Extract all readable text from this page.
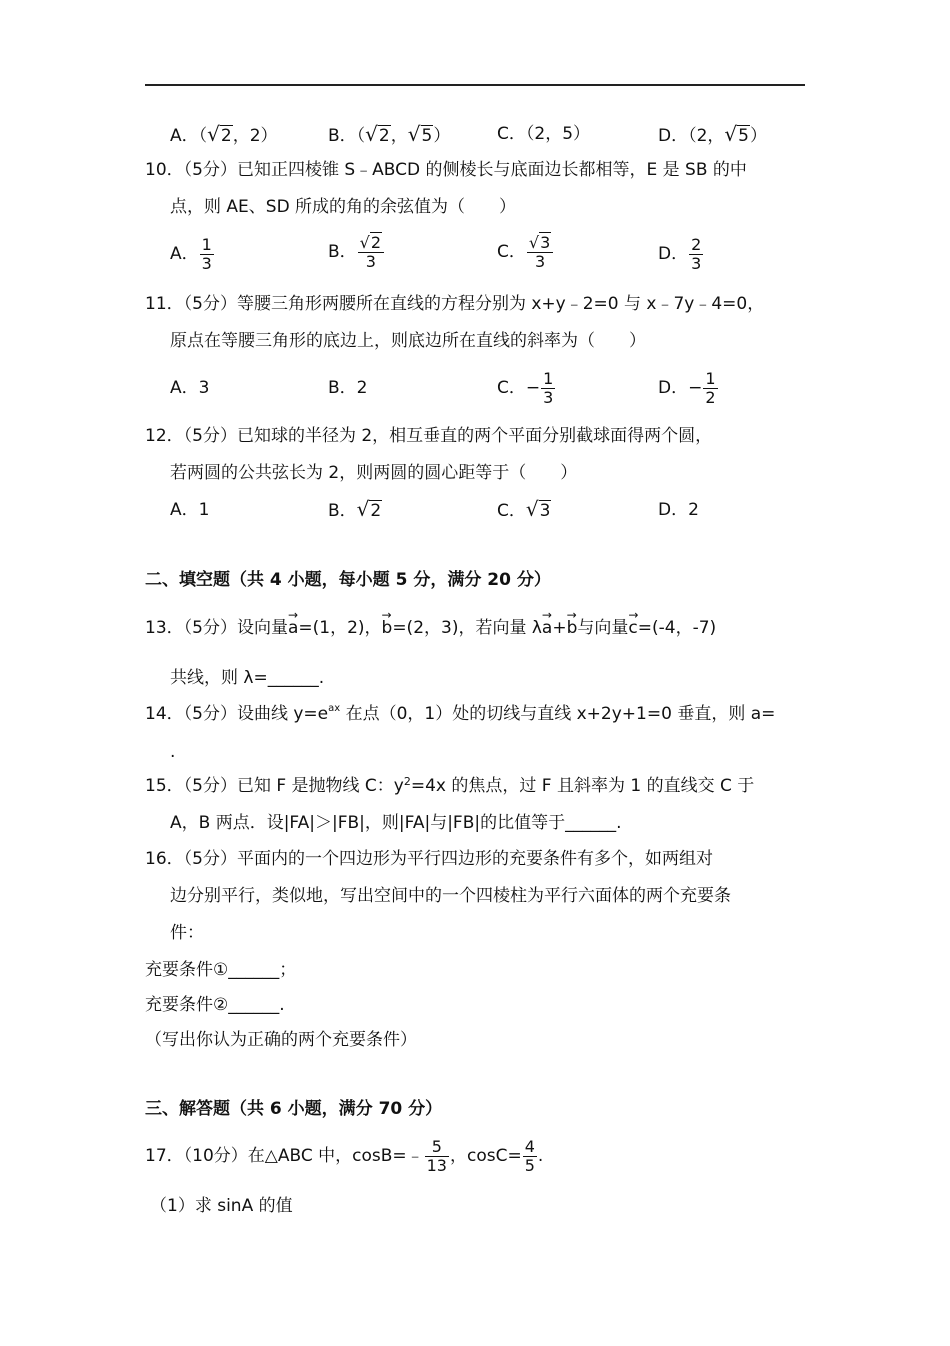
A．（√2，2）	B．（√2，√5）	C．（2，5）	D．（2，√5）
10．（5分）已知正四棱锥 S﹣ABCD 的侧棱长与底面边长都相等，E 是 SB 的中
点，则 AE、SD 所成的角的余弦值为（　　）
A． $\frac{1}{3}$	B． $\frac{√2}{3}$	C． $\frac{√3}{3}$	D． $\frac{2}{3}$
11．（5分）等腰三角形两腰所在直线的方程分别为 x+y﹣2=0 与 x﹣7y﹣4=0，
原点在等腰三角形的底边上，则底边所在直线的斜率为（　　）
A．3	B．2	C．− $\frac{1}{3}$	D．− $\frac{1}{2}$
12．（5分）已知球的半径为 2，相互垂直的两个平面分别截球面得两个圆，
若两圆的公共弦长为 2，则两圆的圆心距等于（　　）
A．1	B．√2	C．√3	D．2
二、填空题（共 4 小题，每小题 5 分，满分 20 分）
13．（5分）设向量
→
a=(1，2)，
→
b=(2，3)，若向量 λ
→
a+
→
b与向量
→
c=(-4，-7)
共线，则 λ=______.
14．（5分）设曲线 $y=e^{ax}$ 在点（0，1）处的切线与直线 x+2y+1=0 垂直，则 a=
.
15．（5分）已知 F 是抛物线 C：$y^2=4x$ 的焦点，过 F 且斜率为 1 的直线交 C 于
A，B 两点．设|FA|＞|FB|，则|FA|与|FB|的比值等于______.
16．（5分）平面内的一个四边形为平行四边形的充要条件有多个，如两组对
边分别平行，类似地，写出空间中的一个四棱柱为平行六面体的两个充要条
件：
充要条件①______；
充要条件②______.
（写出你认为正确的两个充要条件）
三、解答题（共 6 小题，满分 70 分）
17．（10分）在△ABC 中，cosB=﹣ $\frac{5}{13}$ ，$\cos C= \frac{4}{5}$ .
（1）求 sinA 的值
